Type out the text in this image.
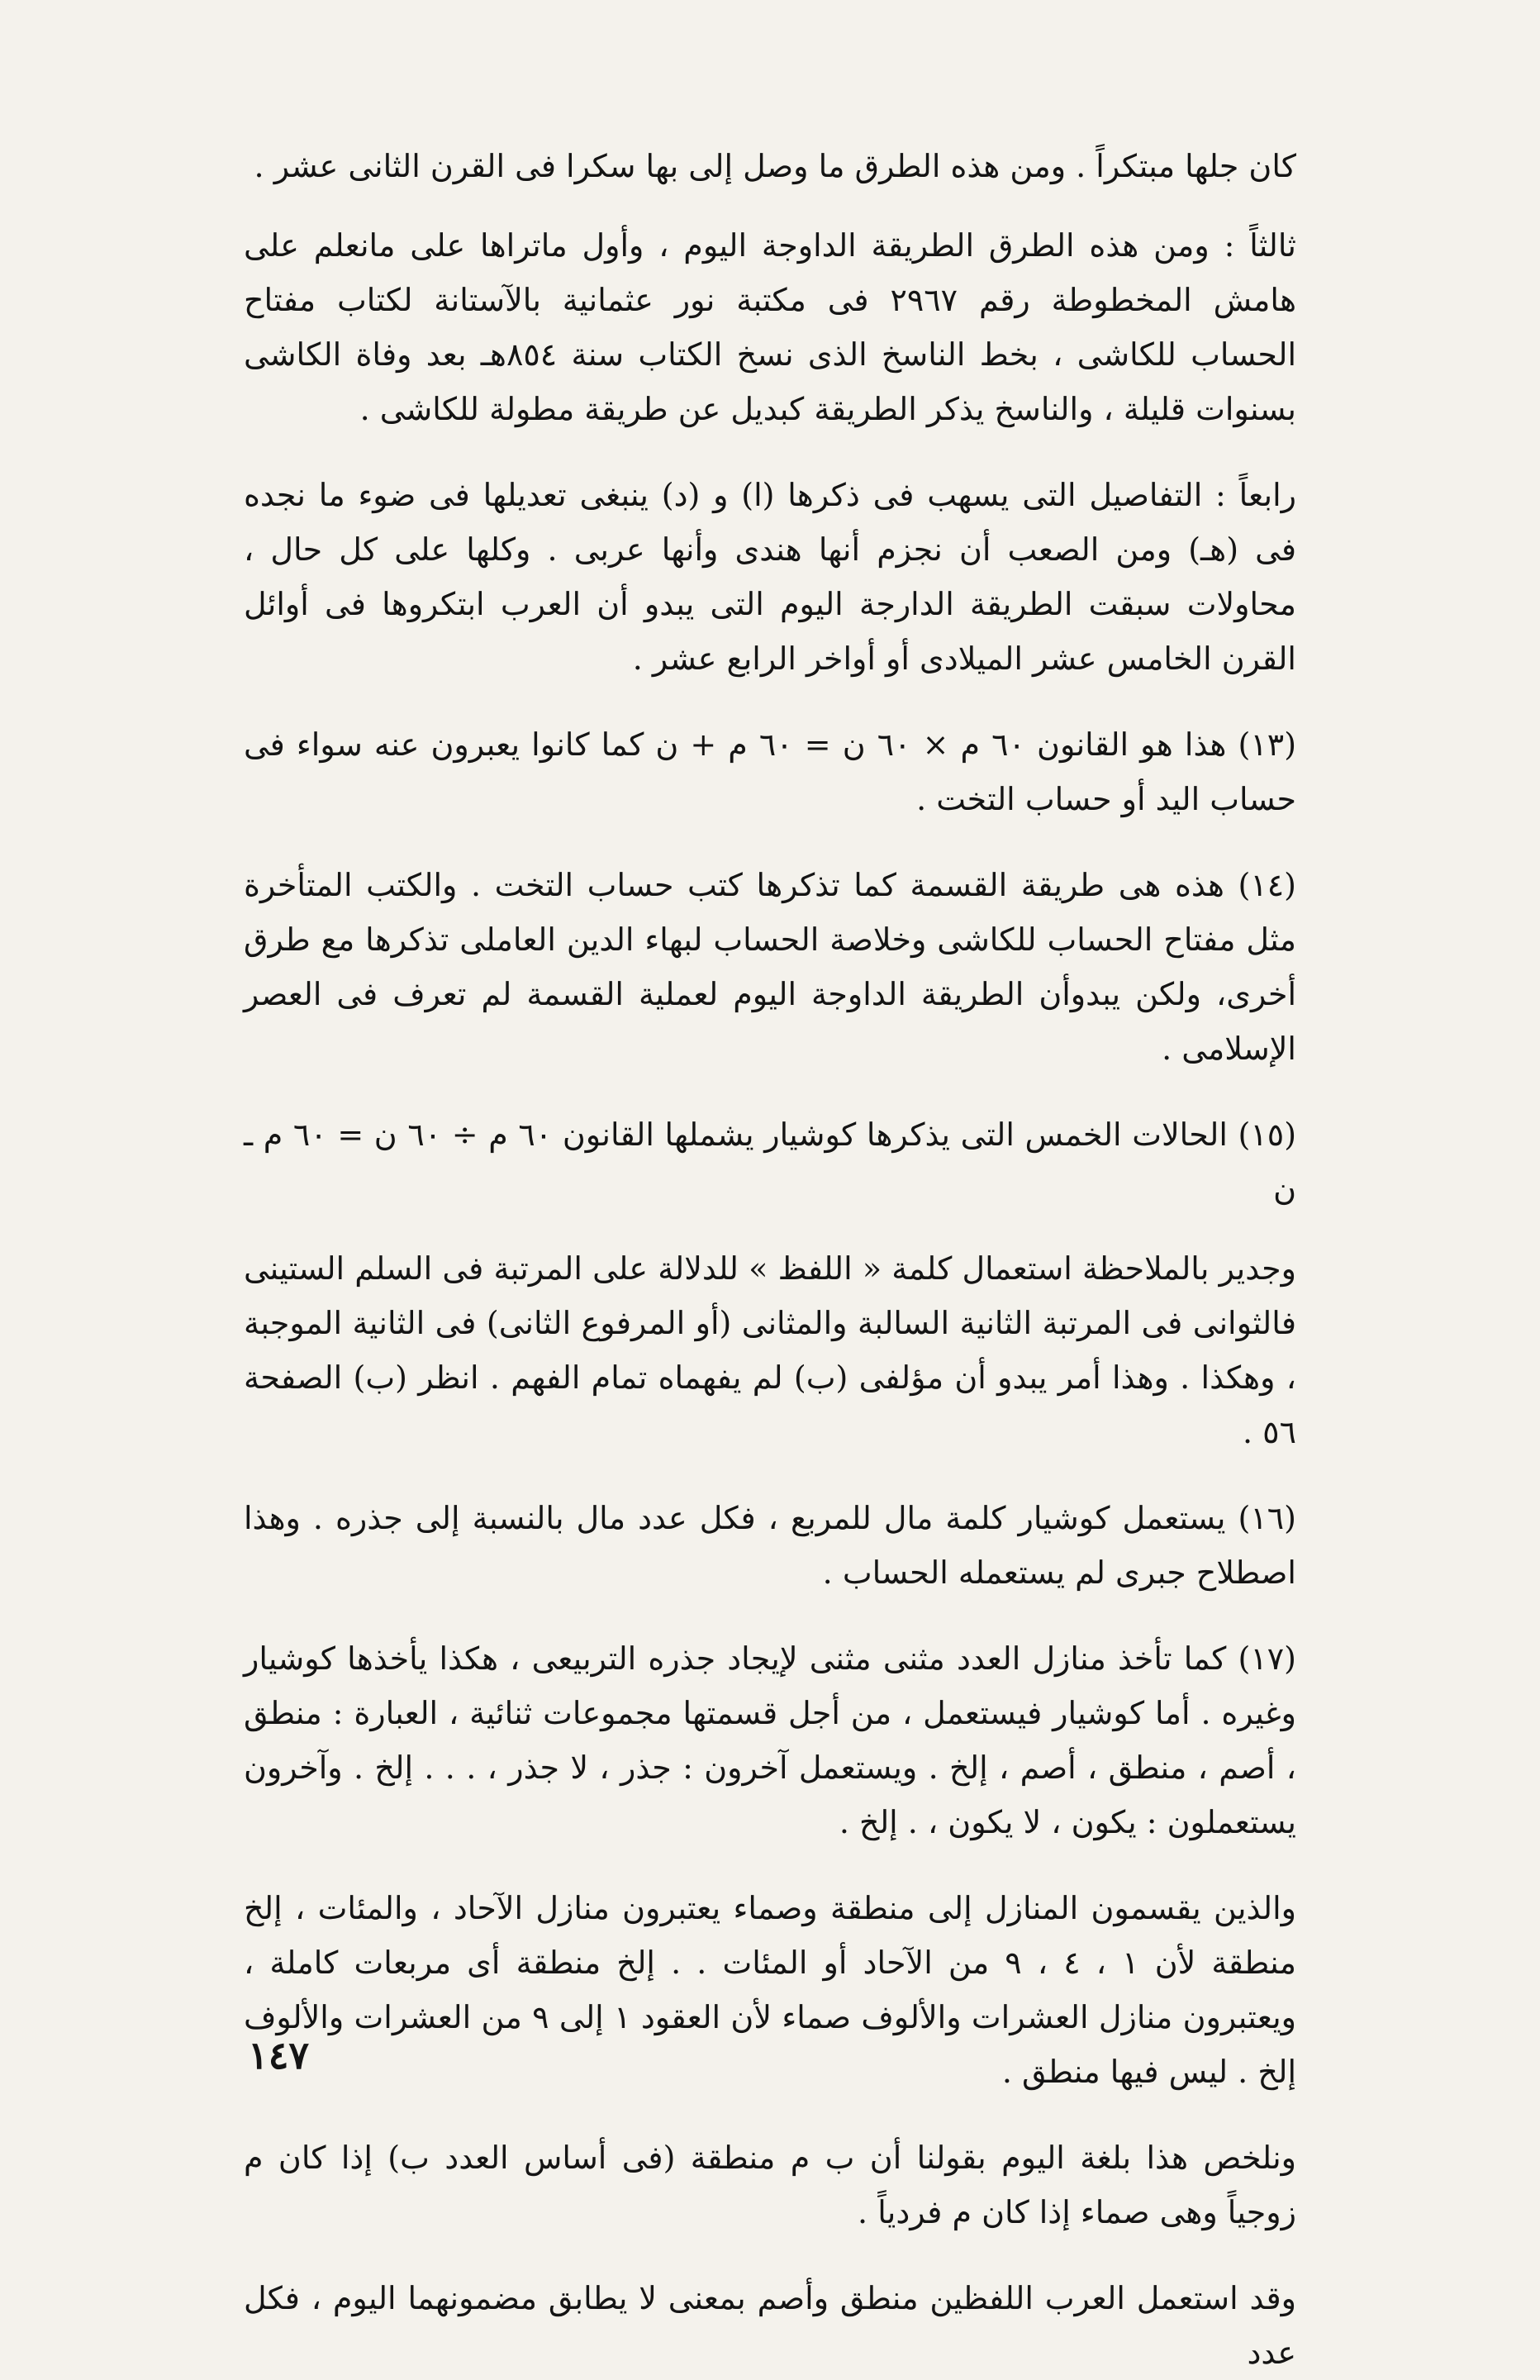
كان جلها مبتكراً . ومن هذه الطرق ما وصل إلى بها سكرا فى القرن الثانى عشر .

ثالثاً : ومن هذه الطرق الطريقة الداوجة اليوم ، وأول ماتراها على مانعلم على هامش المخطوطة رقم ٢٩٦٧ فى مكتبة نور عثمانية بالآستانة لكتاب مفتاح الحساب للكاشى ، بخط الناسخ الذى نسخ الكتاب سنة ٨٥٤هـ بعد وفاة الكاشى بسنوات قليلة ، والناسخ يذكر الطريقة كبديل عن طريقة مطولة للكاشى .

رابعاً : التفاصيل التى يسهب فى ذكرها (ا) و (د) ينبغى تعديلها فى ضوء ما نجده فى (هـ) ومن الصعب أن نجزم أنها هندى وأنها عربى . وكلها على كل حال ، محاولات سبقت الطريقة الدارجة اليوم التى يبدو أن العرب ابتكروها فى أوائل القرن الخامس عشر الميلادى أو أواخر الرابع عشر .

(١٣) هذا هو القانون ٦٠ م × ٦٠ ن = ٦٠ م + ن كما كانوا يعبرون عنه سواء فى حساب اليد أو حساب التخت .

(١٤) هذه هى طريقة القسمة كما تذكرها كتب حساب التخت . والكتب المتأخرة مثل مفتاح الحساب للكاشى وخلاصة الحساب لبهاء الدين العاملى تذكرها مع طرق أخرى، ولكن يبدوأن الطريقة الداوجة اليوم لعملية القسمة لم تعرف فى العصر الإسلامى .

(١٥) الحالات الخمس التى يذكرها كوشيار يشملها القانون ٦٠ م ÷ ٦٠ ن = ٦٠ م ـ ن

وجدير بالملاحظة استعمال كلمة « اللفظ » للدلالة على المرتبة فى السلم الستينى فالثوانى فى المرتبة الثانية السالبة والمثانى (أو المرفوع الثانى) فى الثانية الموجبة ، وهكذا . وهذا أمر يبدو أن مؤلفى (ب) لم يفهماه تمام الفهم . انظر (ب) الصفحة ٥٦ .

(١٦) يستعمل كوشيار كلمة مال للمربع ، فكل عدد مال بالنسبة إلى جذره . وهذا اصطلاح جبرى لم يستعمله الحساب .

(١٧) كما تأخذ منازل العدد مثنى مثنى لإيجاد جذره التربيعى ، هكذا يأخذها كوشيار وغيره . أما كوشيار فيستعمل ، من أجل قسمتها مجموعات ثنائية ، العبارة : منطق ، أصم ، منطق ، أصم ، إلخ . ويستعمل آخرون : جذر ، لا جذر ، . . . إلخ . وآخرون يستعملون : يكون ، لا يكون ، . إلخ .

والذين يقسمون المنازل إلى منطقة وصماء يعتبرون منازل الآحاد ، والمئات ، إلخ منطقة لأن ١ ، ٤ ، ٩ من الآحاد أو المئات . . إلخ منطقة أى مربعات كاملة ، ويعتبرون منازل العشرات والألوف صماء لأن العقود ١ إلى ٩ من العشرات والألوف إلخ . ليس فيها منطق .

ونلخص هذا بلغة اليوم بقولنا أن ب م منطقة (فى أساس العدد ب) إذا كان م زوجياً وهى صماء إذا كان م فردياً .

وقد استعمل العرب اللفظين منطق وأصم بمعنى لا يطابق مضمونهما اليوم ، فكل عدد

١٤٧
